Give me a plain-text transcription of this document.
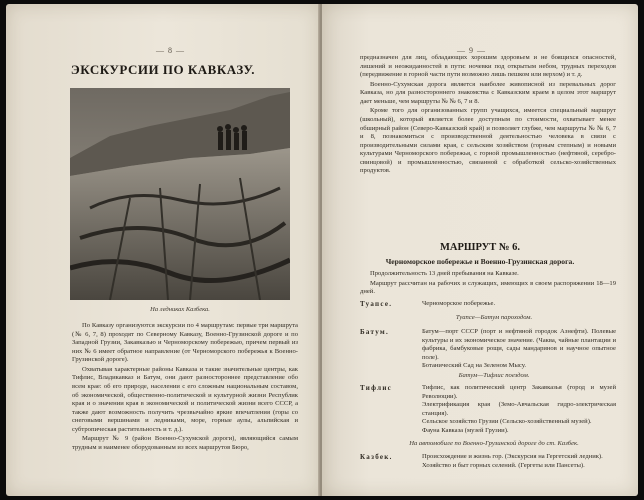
— 8 —
ЭКСКУРСИИ ПО КАВКАЗУ.
На ледниках Казбека.

По Кавказу организуются экскурсии по 4 маршрутам: первые три маршрута (№ 6, 7, 8) проходят по Северному Кавказу, Военно-Грузинской дороге и по Западной Грузии, Закавказью и Черноморскому побережью, причем первый из них № 6 имеет обратное направление (от Черноморского побережья к Военно-Грузинской дороге).

Охватывая характерные районы Кавказа и такие значительные центры, как Тифлис, Владикавказ и Батум, они дают разностороннее представление обо всем крае: об его природе, населении с его сложным национальным составом, об экономической, общественно-политической и культурной жизни Республик края и о значении края в экономической и политической жизни всего СССР, а также дают возможность получить чрезвычайно яркие впечатления (горы со снеговыми вершинами и ледниками, море, горные аулы, альпийская и субтропическая растительность и т. д.).

Маршрут № 9 (район Военно-Сухумской дороги), являющийся самым трудным и наименее оборудованным из всех маршрутов Бюро,

— 9 —

предназначен для лиц, обладающих хорошим здоровьем и не боящихся опасностей, лишений и неожиданностей в пути: ночевки под открытым небом, трудных переходов (передвижение в горной части пути возможно лишь пешком или верхом) и т. д.

Военно-Сухумская дорога является наиболее живописной из перевальных дорог Кавказа, но для разностороннего знакомства с Кавказским краем в целом этот маршрут дает меньше, чем маршруты № № 6, 7 и 8.

Кроме того для организованных групп учащихся, имеется специальный маршрут (школьный), который является более доступным по стоимости, охватывает менее обширный район (Северо-Кавказский край) и позволяет глубже, чем маршруты № № 6, 7 и 8, познакомиться с производственной деятельностью человека в связи с производительными силами края, с сельским хозяйством (горным степным) и новыми культурами Черноморского побережья, с горной промышленностью (нефтяной, серебро-свинцовой) и промышленностью, связанной с обработкой сельско-хозяйственных продуктов.

МАРШРУТ № 6.
Черноморское побережье и Военно-Грузинская дорога.

Продолжительность 13 дней пребывания на Кавказе.

Маршрут рассчитан на рабочих и служащих, имеющих в своем распоряжении 18—19 дней.

Туапсе.	Черноморское побережье.

Туапсе—Батум пароходом.
Батум.	Батум—порт СССР (порт и нефтяной городок Азнефти). Полевые культуры и их экономическое значение. (Чаква, чайные плантации и фабрика, бамбуковые рощи, сады мандаринов и научное опытное поле).

Ботанический Сад на Зеленом Мысу.

Батум—Тифлис поездом.
Тифлис	Тифлис, как политический центр Закавказья (город и музей Революции).

Электрификация края (Земо-Авчальская гидро-электрическая станция).

Сельское хозяйство Грузии (Сельско-хозяйственный музей).

Фауна Кавказа (музей Грузии).

На автомобиле по Военно-Грузинской дороге до ст. Казбек.
Казбек.	Происхождение и жизнь гор. (Экскурсия на Гергетский ледник).

Хозяйство и быт горных селений. (Гергеты или Пансеты).
